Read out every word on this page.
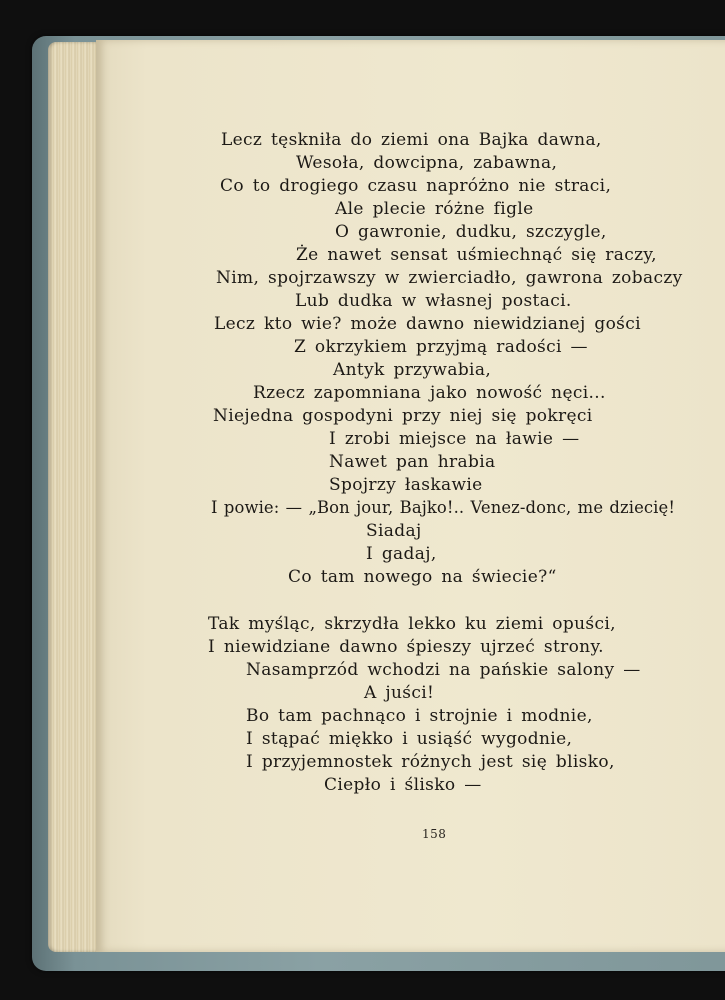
Lecz tęskniła do ziemi ona Bajka dawna,
Wesoła, dowcipna, zabawna,
Co to drogiego czasu napróżno nie straci,
Ale plecie różne figle
O gawronie, dudku, szczygle,
Że nawet sensat uśmiechnąć się raczy,
Nim, spojrzawszy w zwierciadło, gawrona zobaczy
Lub dudka w własnej postaci.
Lecz kto wie? może dawno niewidzianej gości
Z okrzykiem przyjmą radości —
Antyk przywabia,
Rzecz zapomniana jako nowość nęci...
Niejedna gospodyni przy niej się pokręci
I zrobi miejsce na ławie —
Nawet pan hrabia
Spojrzy łaskawie
I powie: — „Bon jour, Bajko!.. Venez-donc, me dziecię!
Siadaj
I gadaj,
Co tam nowego na świecie?“
Tak myśląc, skrzydła lekko ku ziemi opuści,
I niewidziane dawno śpieszy ujrzeć strony.
Nasamprzód wchodzi na pańskie salony —
A juści!
Bo tam pachnąco i strojnie i modnie,
I stąpać miękko i usiąść wygodnie,
I przyjemnostek różnych jest się blisko,
Ciepło i ślisko —
158
